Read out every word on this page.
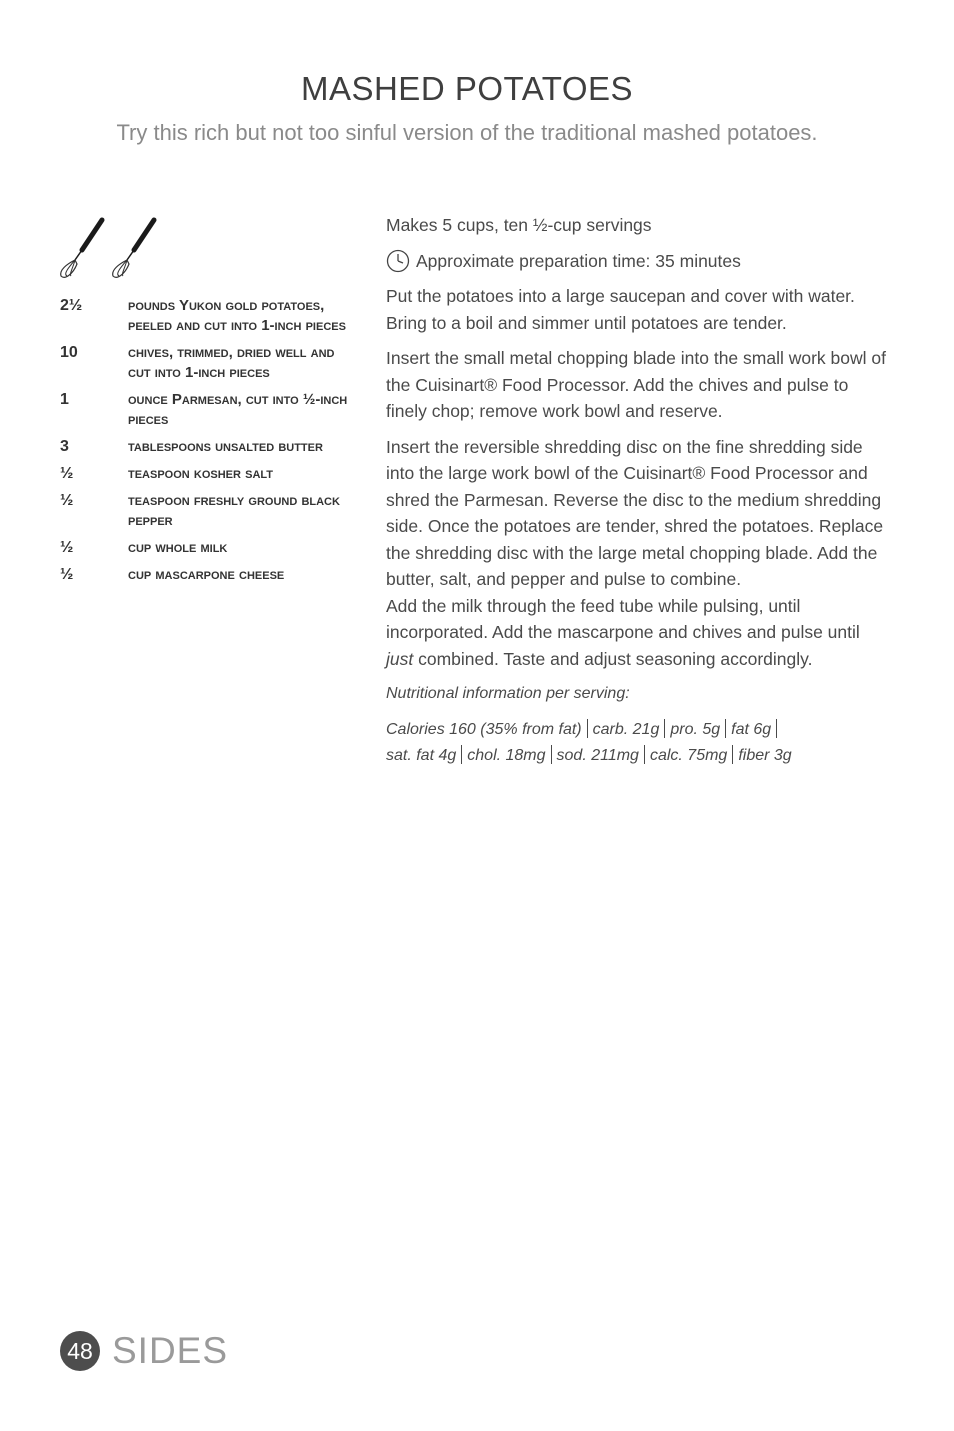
MASHED POTATOES

Try this rich but not too sinful version of the traditional mashed potatoes.

2½	pounds Yukon gold potatoes, peeled and cut into 1-inch pieces
10	chives, trimmed, dried well and cut into 1-inch pieces
1	ounce Parmesan, cut into ½-inch pieces
3	tablespoons unsalted butter
½	teaspoon kosher salt
½	teaspoon freshly ground black pepper
½	cup whole milk
½	cup mascarpone cheese

Makes 5 cups, ten ½-cup servings

Approximate preparation time: 35 minutes

Put the potatoes into a large saucepan and cover with water. Bring to a boil and simmer until potatoes are tender.

Insert the small metal chopping blade into the small work bowl of the Cuisinart® Food Processor. Add the chives and pulse to finely chop; remove work bowl and reserve.

Insert the reversible shredding disc on the fine shredding side into the large work bowl of the Cuisinart® Food Processor and shred the Parmesan. Reverse the disc to the medium shredding side. Once the potatoes are tender, shred the potatoes. Replace the shredding disc with the large metal chopping blade. Add the butter, salt, and pepper and pulse to combine.

Add the milk through the feed tube while pulsing, until incorporated. Add the mascarpone and chives and pulse until just combined. Taste and adjust seasoning accordingly.

Nutritional information per serving:

Calories 160 (35% from fat) carb. 21g pro. 5g fat 6g
sat. fat 4g chol. 18mg sod. 211mg calc. 75mg fiber 3g

48 SIDES
